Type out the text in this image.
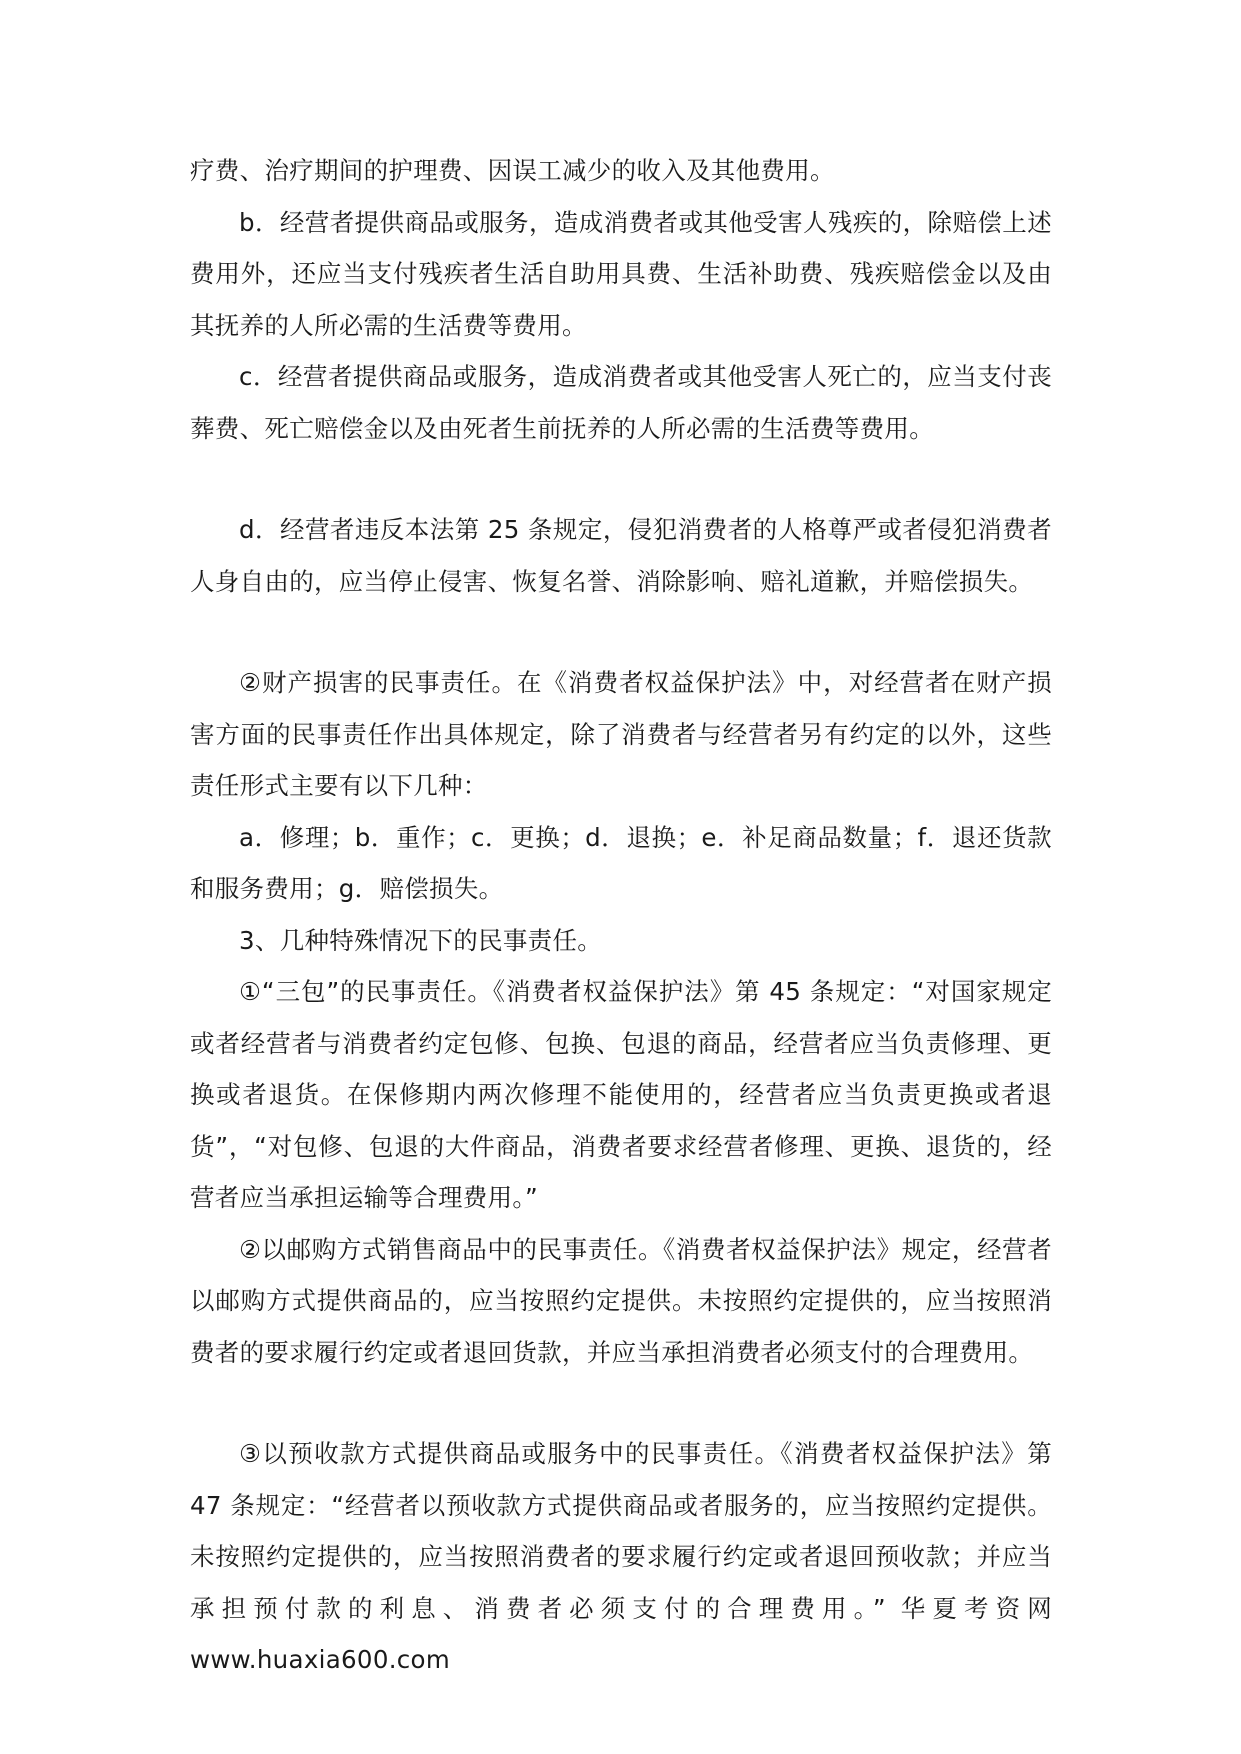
疗费、治疗期间的护理费、因误工减少的收入及其他费用。

b．经营者提供商品或服务，造成消费者或其他受害人残疾的，除赔偿上述费用外，还应当支付残疾者生活自助用具费、生活补助费、残疾赔偿金以及由其抚养的人所必需的生活费等费用。

c．经营者提供商品或服务，造成消费者或其他受害人死亡的，应当支付丧葬费、死亡赔偿金以及由死者生前抚养的人所必需的生活费等费用。

d．经营者违反本法第 25 条规定，侵犯消费者的人格尊严或者侵犯消费者人身自由的，应当停止侵害、恢复名誉、消除影响、赔礼道歉，并赔偿损失。

②财产损害的民事责任。在《消费者权益保护法》中，对经营者在财产损害方面的民事责任作出具体规定，除了消费者与经营者另有约定的以外，这些责任形式主要有以下几种：

a．修理；b．重作；c．更换；d．退换；e．补足商品数量；f．退还货款和服务费用；g．赔偿损失。

3、几种特殊情况下的民事责任。

①“三包”的民事责任。《消费者权益保护法》第 45 条规定：“对国家规定或者经营者与消费者约定包修、包换、包退的商品，经营者应当负责修理、更换或者退货。在保修期内两次修理不能使用的，经营者应当负责更换或者退货”，“对包修、包退的大件商品，消费者要求经营者修理、更换、退货的，经营者应当承担运输等合理费用。”

②以邮购方式销售商品中的民事责任。《消费者权益保护法》规定，经营者以邮购方式提供商品的，应当按照约定提供。未按照约定提供的，应当按照消费者的要求履行约定或者退回货款，并应当承担消费者必须支付的合理费用。

③以预收款方式提供商品或服务中的民事责任。《消费者权益保护法》第 47 条规定：“经营者以预收款方式提供商品或者服务的，应当按照约定提供。未按照约定提供的，应当按照消费者的要求履行约定或者退回预收款；并应当承担预付款的利息、消费者必须支付的合理费用。” 华夏考资网 www.huaxia600.com
